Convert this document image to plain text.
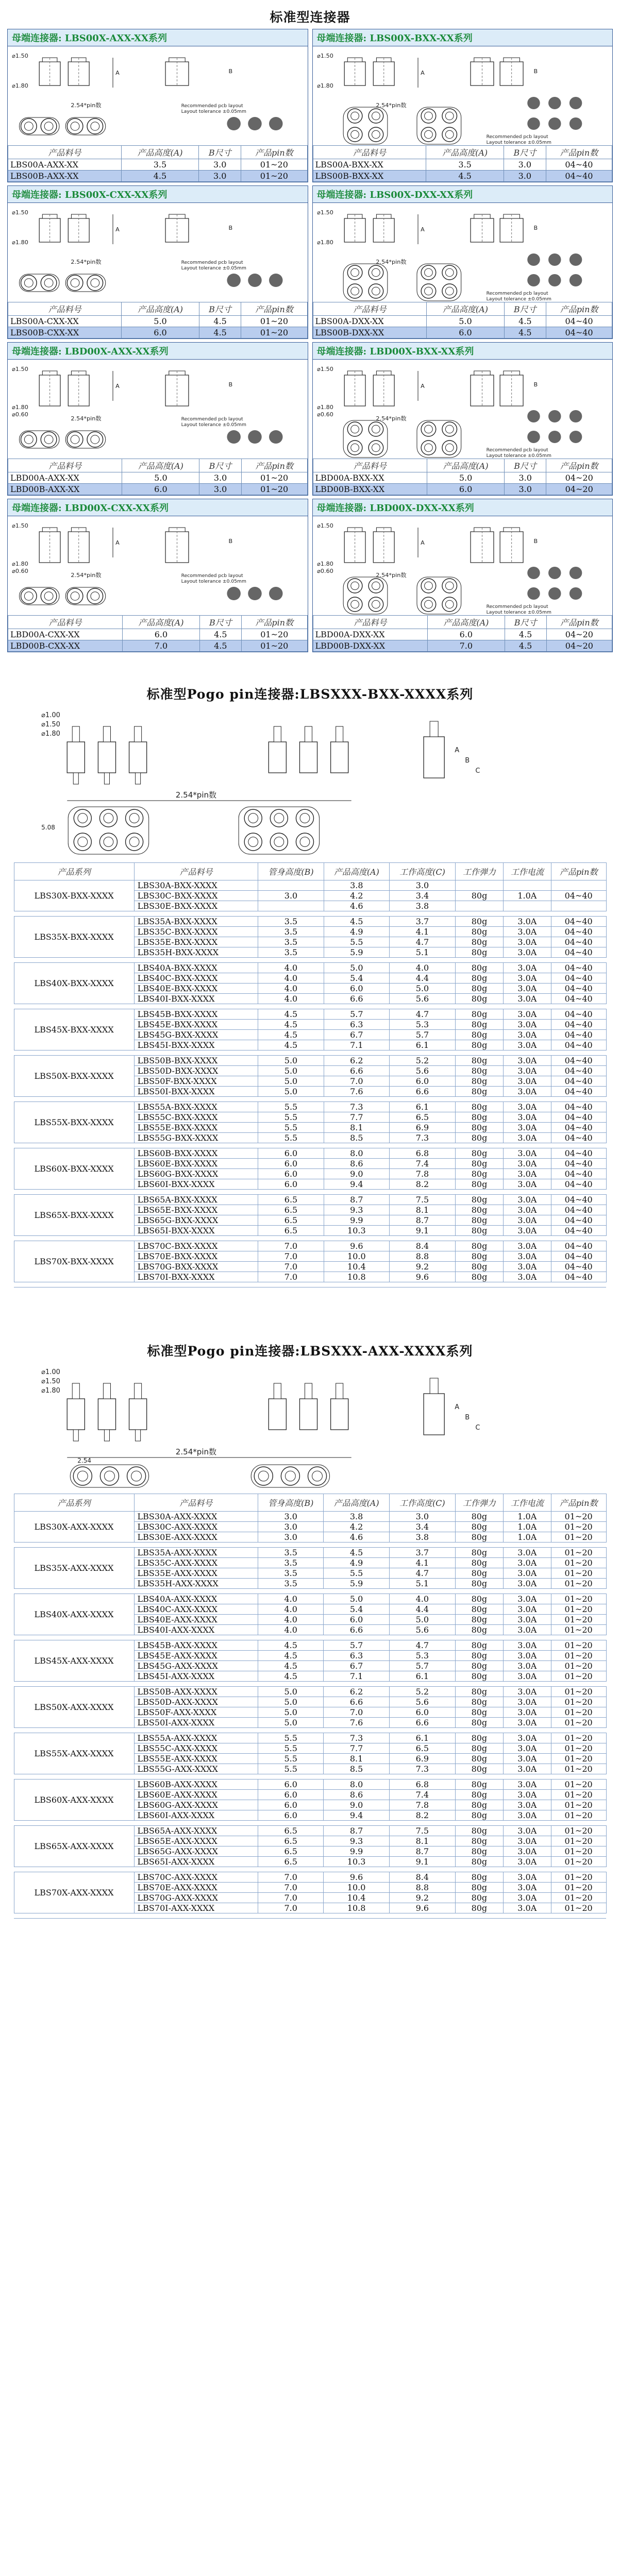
标准型连接器
母端连接器: LBS00X-AXX-XX系列
⌀1.50
⌀1.80
A	B
2.54*pin数	Recommended pcb layout
Layout tolerance ±0.05mm
产品料号	产品高度(A)	B尺寸	产品pin数
LBS00A-AXX-XX	3.5	3.0	01~20
LBS00B-AXX-XX	4.5	3.0	01~20
母端连接器: LBS00X-BXX-XX系列
⌀1.50
⌀1.80
A	B
2.54*pin数
Recommended pcb layout
Layout tolerance ±0.05mm
产品料号	产品高度(A)	B尺寸	产品pin数
LBS00A-BXX-XX	3.5	3.0	04~40
LBS00B-BXX-XX	4.5	3.0	04~40
母端连接器: LBS00X-CXX-XX系列
⌀1.50
⌀1.80
A	B
2.54*pin数	Recommended pcb layout
Layout tolerance ±0.05mm
产品料号	产品高度(A)	B尺寸	产品pin数
LBS00A-CXX-XX	5.0	4.5	01~20
LBS00B-CXX-XX	6.0	4.5	01~20
母端连接器: LBS00X-DXX-XX系列
⌀1.50
⌀1.80
A	B
2.54*pin数
Recommended pcb layout
Layout tolerance ±0.05mm
产品料号	产品高度(A)	B尺寸	产品pin数
LBS00A-DXX-XX	5.0	4.5	04~40
LBS00B-DXX-XX	6.0	4.5	04~40
母端连接器: LBD00X-AXX-XX系列
⌀1.50
⌀1.80
⌀0.60
A	B
2.54*pin数	Recommended pcb layout
Layout tolerance ±0.05mm
产品料号	产品高度(A)	B尺寸	产品pin数
LBD00A-AXX-XX	5.0	3.0	01~20
LBD00B-AXX-XX	6.0	3.0	01~20
母端连接器: LBD00X-BXX-XX系列
⌀1.50
⌀1.80
⌀0.60
A	B
2.54*pin数
Recommended pcb layout
Layout tolerance ±0.05mm
产品料号	产品高度(A)	B尺寸	产品pin数
LBD00A-BXX-XX	5.0	3.0	04~20
LBD00B-BXX-XX	6.0	3.0	04~20
母端连接器: LBD00X-CXX-XX系列
⌀1.50
⌀1.80
⌀0.60
A	B
2.54*pin数	Recommended pcb layout
Layout tolerance ±0.05mm
产品料号	产品高度(A)	B尺寸	产品pin数
LBD00A-CXX-XX	6.0	4.5	01~20
LBD00B-CXX-XX	7.0	4.5	01~20
母端连接器: LBD00X-DXX-XX系列
⌀1.50
⌀1.80
⌀0.60
A	B
2.54*pin数
Recommended pcb layout
Layout tolerance ±0.05mm
产品料号	产品高度(A)	B尺寸	产品pin数
LBD00A-DXX-XX	6.0	4.5	04~20
LBD00B-DXX-XX	7.0	4.5	04~20
标准型Pogo pin连接器:LBSXXX-BXX-XXXX系列
⌀1.00
⌀1.50
⌀1.80
A
B
C
2.54*pin数
5.08
产品系列	产品料号	管身高度(B)	产品高度(A)	工作高度(C)	工作弹力	工作电流	产品pin数
LBS30X-BXX-XXXX	LBS30A-BXX-XXXX		3.8	3.0			
	LBS30C-BXX-XXXX	3.0	4.2	3.4	80g	1.0A	04~40
	LBS30E-BXX-XXXX		4.6	3.8			

LBS35X-BXX-XXXX	LBS35A-BXX-XXXX	3.5	4.5	3.7	80g	3.0A	04~40
	LBS35C-BXX-XXXX	3.5	4.9	4.1	80g	3.0A	04~40
	LBS35E-BXX-XXXX	3.5	5.5	4.7	80g	3.0A	04~40
	LBS35H-BXX-XXXX	3.5	5.9	5.1	80g	3.0A	04~40

LBS40X-BXX-XXXX	LBS40A-BXX-XXXX	4.0	5.0	4.0	80g	3.0A	04~40
	LBS40C-BXX-XXXX	4.0	5.4	4.4	80g	3.0A	04~40
	LBS40E-BXX-XXXX	4.0	6.0	5.0	80g	3.0A	04~40
	LBS40I-BXX-XXXX	4.0	6.6	5.6	80g	3.0A	04~40

LBS45X-BXX-XXXX	LBS45B-BXX-XXXX	4.5	5.7	4.7	80g	3.0A	04~40
	LBS45E-BXX-XXXX	4.5	6.3	5.3	80g	3.0A	04~40
	LBS45G-BXX-XXXX	4.5	6.7	5.7	80g	3.0A	04~40
	LBS45I-BXX-XXXX	4.5	7.1	6.1	80g	3.0A	04~40

LBS50X-BXX-XXXX	LBS50B-BXX-XXXX	5.0	6.2	5.2	80g	3.0A	04~40
	LBS50D-BXX-XXXX	5.0	6.6	5.6	80g	3.0A	04~40
	LBS50F-BXX-XXXX	5.0	7.0	6.0	80g	3.0A	04~40
	LBS50I-BXX-XXXX	5.0	7.6	6.6	80g	3.0A	04~40

LBS55X-BXX-XXXX	LBS55A-BXX-XXXX	5.5	7.3	6.1	80g	3.0A	04~40
	LBS55C-BXX-XXXX	5.5	7.7	6.5	80g	3.0A	04~40
	LBS55E-BXX-XXXX	5.5	8.1	6.9	80g	3.0A	04~40
	LBS55G-BXX-XXXX	5.5	8.5	7.3	80g	3.0A	04~40

LBS60X-BXX-XXXX	LBS60B-BXX-XXXX	6.0	8.0	6.8	80g	3.0A	04~40
	LBS60E-BXX-XXXX	6.0	8.6	7.4	80g	3.0A	04~40
	LBS60G-BXX-XXXX	6.0	9.0	7.8	80g	3.0A	04~40
	LBS60I-BXX-XXXX	6.0	9.4	8.2	80g	3.0A	04~40

LBS65X-BXX-XXXX	LBS65A-BXX-XXXX	6.5	8.7	7.5	80g	3.0A	04~40
	LBS65E-BXX-XXXX	6.5	9.3	8.1	80g	3.0A	04~40
	LBS65G-BXX-XXXX	6.5	9.9	8.7	80g	3.0A	04~40
	LBS65I-BXX-XXXX	6.5	10.3	9.1	80g	3.0A	04~40

LBS70X-BXX-XXXX	LBS70C-BXX-XXXX	7.0	9.6	8.4	80g	3.0A	04~40
	LBS70E-BXX-XXXX	7.0	10.0	8.8	80g	3.0A	04~40
	LBS70G-BXX-XXXX	7.0	10.4	9.2	80g	3.0A	04~40
	LBS70I-BXX-XXXX	7.0	10.8	9.6	80g	3.0A	04~40

标准型Pogo pin连接器:LBSXXX-AXX-XXXX系列
⌀1.00
⌀1.50
⌀1.80
A
B
C
2.54*pin数
2.54
产品系列	产品料号	管身高度(B)	产品高度(A)	工作高度(C)	工作弹力	工作电流	产品pin数
LBS30X-AXX-XXXX	LBS30A-AXX-XXXX	3.0	3.8	3.0	80g	1.0A	01~20
	LBS30C-AXX-XXXX	3.0	4.2	3.4	80g	1.0A	01~20
	LBS30E-AXX-XXXX	3.0	4.6	3.8	80g	1.0A	01~20

LBS35X-AXX-XXXX	LBS35A-AXX-XXXX	3.5	4.5	3.7	80g	3.0A	01~20
	LBS35C-AXX-XXXX	3.5	4.9	4.1	80g	3.0A	01~20
	LBS35E-AXX-XXXX	3.5	5.5	4.7	80g	3.0A	01~20
	LBS35H-AXX-XXXX	3.5	5.9	5.1	80g	3.0A	01~20

LBS40X-AXX-XXXX	LBS40A-AXX-XXXX	4.0	5.0	4.0	80g	3.0A	01~20
	LBS40C-AXX-XXXX	4.0	5.4	4.4	80g	3.0A	01~20
	LBS40E-AXX-XXXX	4.0	6.0	5.0	80g	3.0A	01~20
	LBS40I-AXX-XXXX	4.0	6.6	5.6	80g	3.0A	01~20

LBS45X-AXX-XXXX	LBS45B-AXX-XXXX	4.5	5.7	4.7	80g	3.0A	01~20
	LBS45E-AXX-XXXX	4.5	6.3	5.3	80g	3.0A	01~20
	LBS45G-AXX-XXXX	4.5	6.7	5.7	80g	3.0A	01~20
	LBS45I-AXX-XXXX	4.5	7.1	6.1	80g	3.0A	01~20

LBS50X-AXX-XXXX	LBS50B-AXX-XXXX	5.0	6.2	5.2	80g	3.0A	01~20
	LBS50D-AXX-XXXX	5.0	6.6	5.6	80g	3.0A	01~20
	LBS50F-AXX-XXXX	5.0	7.0	6.0	80g	3.0A	01~20
	LBS50I-AXX-XXXX	5.0	7.6	6.6	80g	3.0A	01~20

LBS55X-AXX-XXXX	LBS55A-AXX-XXXX	5.5	7.3	6.1	80g	3.0A	01~20
	LBS55C-AXX-XXXX	5.5	7.7	6.5	80g	3.0A	01~20
	LBS55E-AXX-XXXX	5.5	8.1	6.9	80g	3.0A	01~20
	LBS55G-AXX-XXXX	5.5	8.5	7.3	80g	3.0A	01~20

LBS60X-AXX-XXXX	LBS60B-AXX-XXXX	6.0	8.0	6.8	80g	3.0A	01~20
	LBS60E-AXX-XXXX	6.0	8.6	7.4	80g	3.0A	01~20
	LBS60G-AXX-XXXX	6.0	9.0	7.8	80g	3.0A	01~20
	LBS60I-AXX-XXXX	6.0	9.4	8.2	80g	3.0A	01~20

LBS65X-AXX-XXXX	LBS65A-AXX-XXXX	6.5	8.7	7.5	80g	3.0A	01~20
	LBS65E-AXX-XXXX	6.5	9.3	8.1	80g	3.0A	01~20
	LBS65G-AXX-XXXX	6.5	9.9	8.7	80g	3.0A	01~20
	LBS65I-AXX-XXXX	6.5	10.3	9.1	80g	3.0A	01~20

LBS70X-AXX-XXXX	LBS70C-AXX-XXXX	7.0	9.6	8.4	80g	3.0A	01~20
	LBS70E-AXX-XXXX	7.0	10.0	8.8	80g	3.0A	01~20
	LBS70G-AXX-XXXX	7.0	10.4	9.2	80g	3.0A	01~20
	LBS70I-AXX-XXXX	7.0	10.8	9.6	80g	3.0A	01~20
